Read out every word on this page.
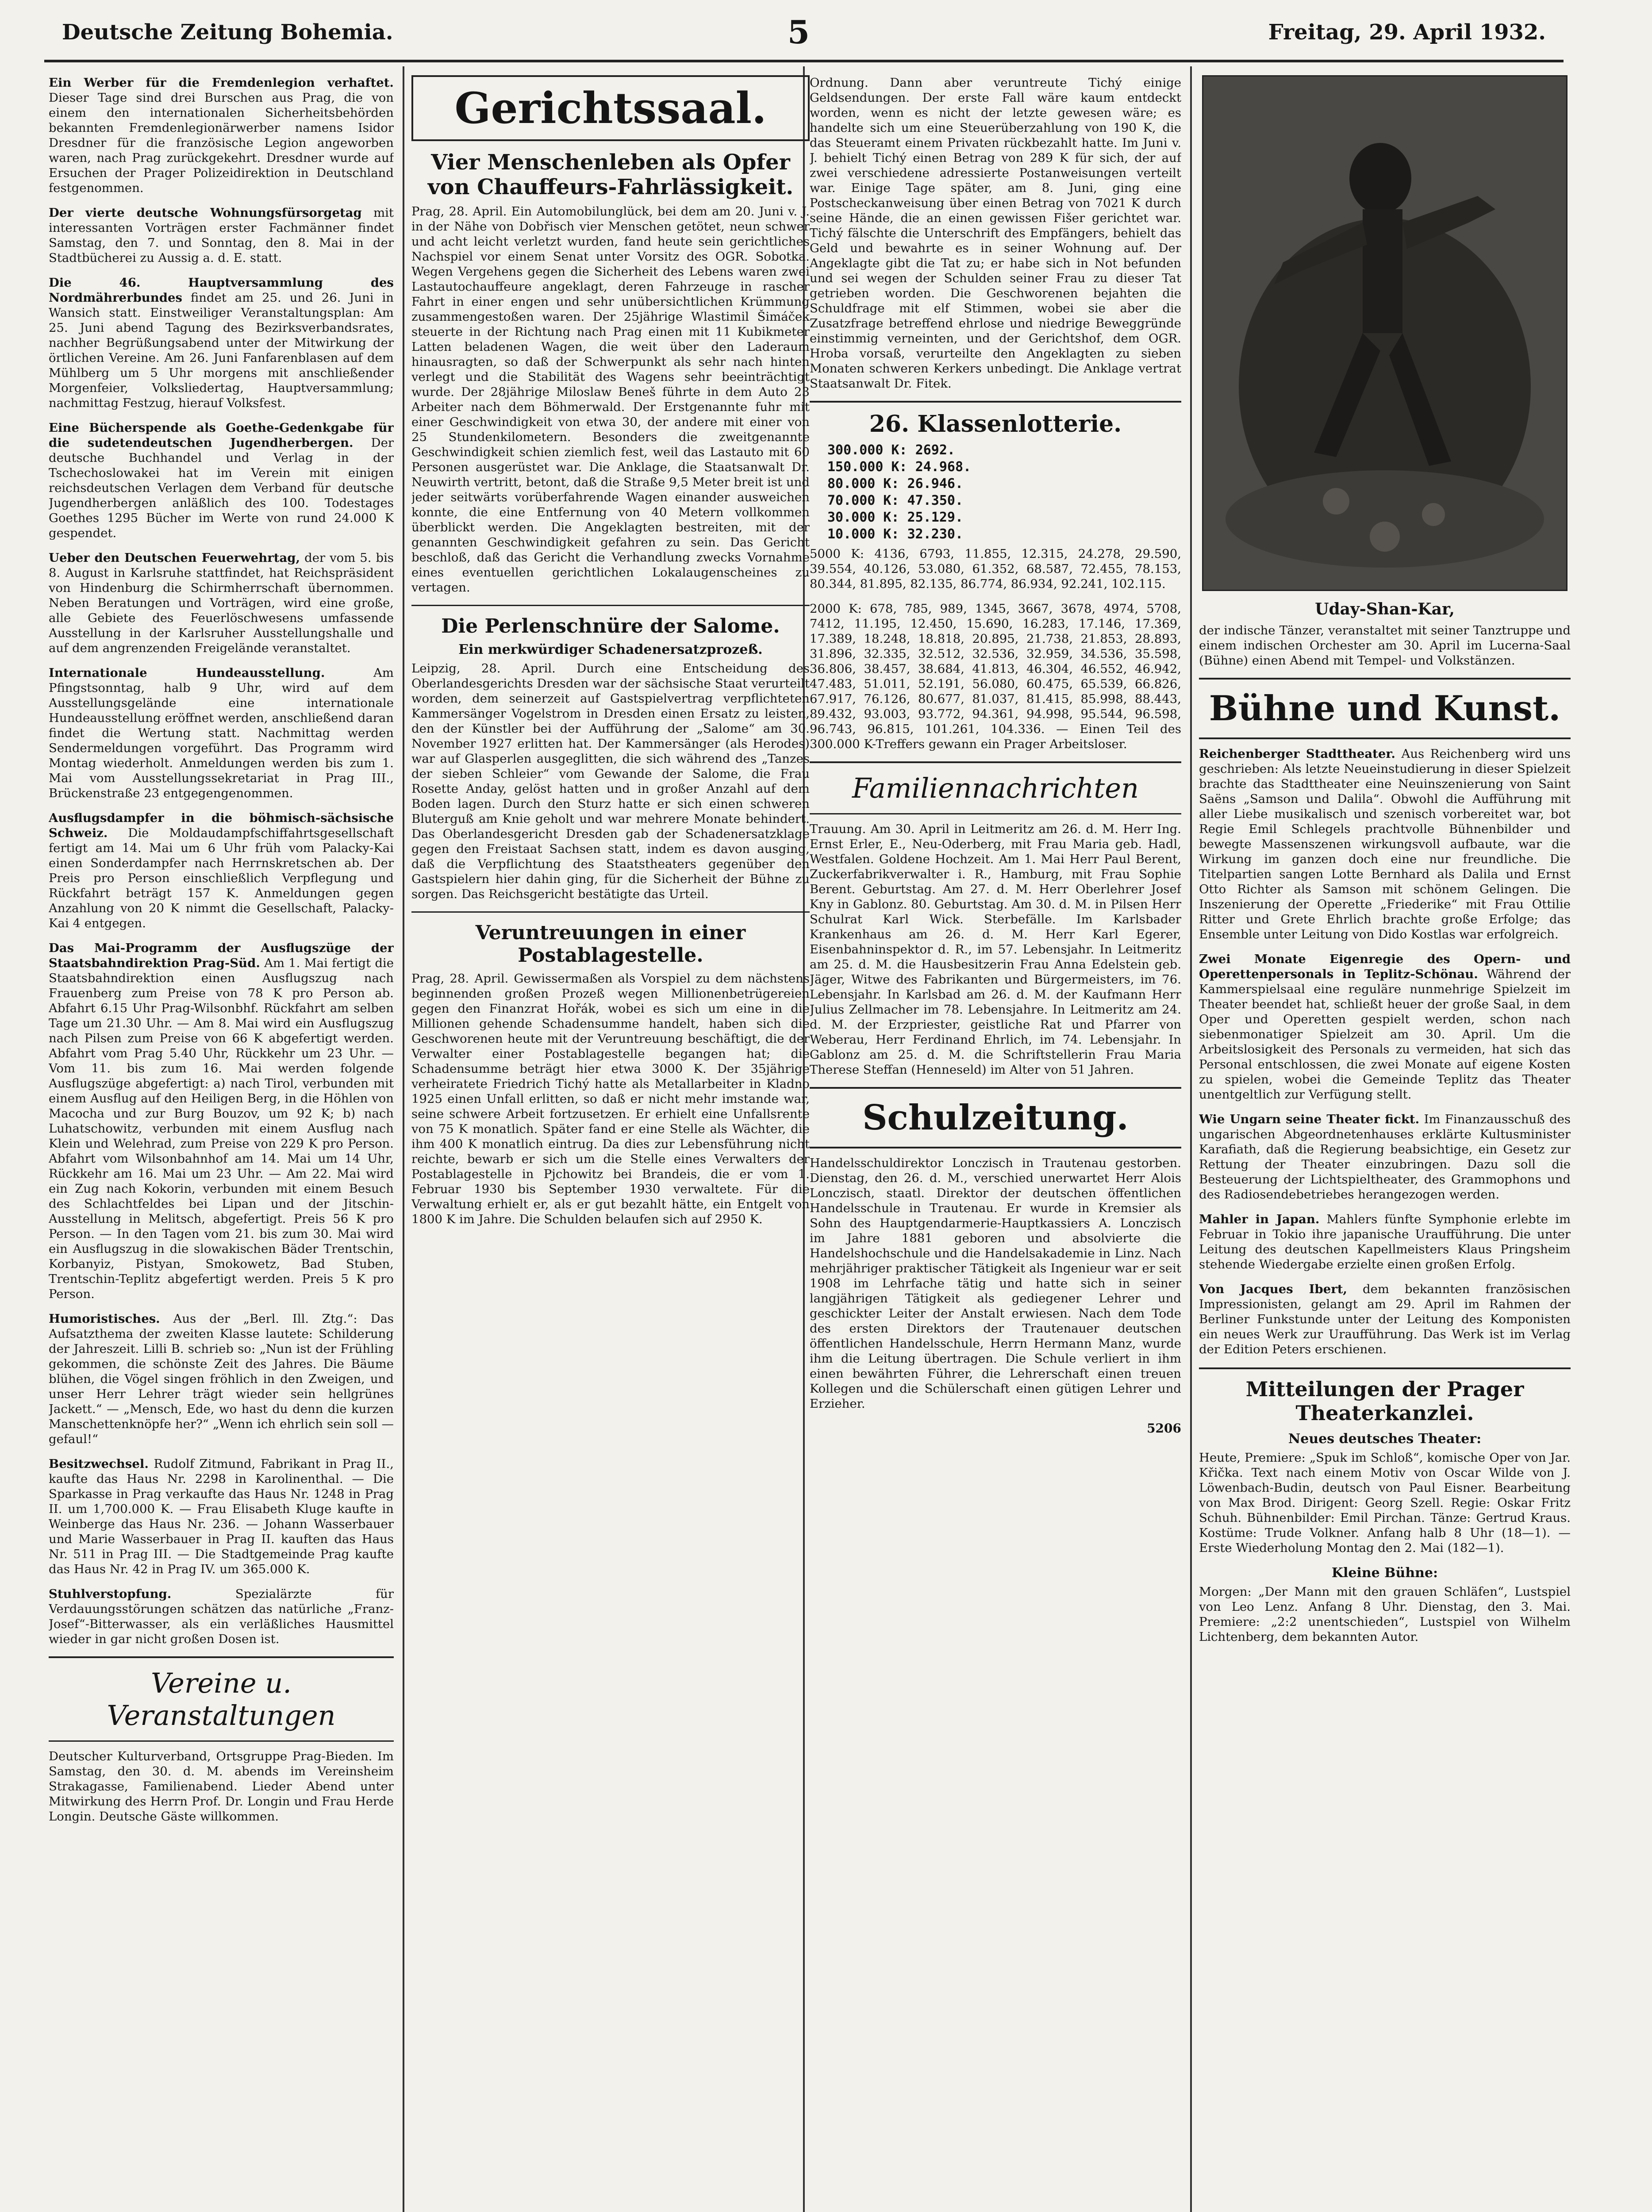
Deutsche Zeitung Bohemia.	5	Freitag, 29. April 1932.

Ein Werber für die Fremdenlegion verhaftet. Dieser Tage sind drei Burschen aus Prag, die von einem den internationalen Sicherheitsbehörden bekannten Fremdenlegionärwerber namens Isidor Dresdner für die französische Legion angeworben waren, nach Prag zurückgekehrt. Dresdner wurde auf Ersuchen der Prager Polizeidirektion in Deutschland festgenommen.

Der vierte deutsche Wohnungsfürsorgetag mit interessanten Vorträgen erster Fachmänner findet Samstag, den 7. und Sonntag, den 8. Mai in der Stadtbücherei zu Aussig a. d. E. statt.

Die 46. Hauptversammlung des Nordmährerbundes findet am 25. und 26. Juni in Wansich statt. Einstweiliger Veranstaltungsplan: Am 25. Juni abend Tagung des Bezirksverbandsrates, nachher Begrüßungsabend unter der Mitwirkung der örtlichen Vereine. Am 26. Juni Fanfarenblasen auf dem Mühlberg um 5 Uhr morgens mit anschließender Morgenfeier, Volksliedertag, Hauptversammlung; nachmittag Festzug, hierauf Volksfest.

Eine Bücherspende als Goethe-Gedenkgabe für die sudetendeutschen Jugendherbergen. Der deutsche Buchhandel und Verlag in der Tschechoslowakei hat im Verein mit einigen reichsdeutschen Verlagen dem Verband für deutsche Jugendherbergen anläßlich des 100. Todestages Goethes 1295 Bücher im Werte von rund 24.000 K gespendet.

Ueber den Deutschen Feuerwehrtag, der vom 5. bis 8. August in Karlsruhe stattfindet, hat Reichspräsident von Hindenburg die Schirmherrschaft übernommen. Neben Beratungen und Vorträgen, wird eine große, alle Gebiete des Feuerlöschwesens umfassende Ausstellung in der Karlsruher Ausstellungshalle und auf dem angrenzenden Freigelände veranstaltet.

Internationale Hundeausstellung.	Am Pfingstsonntag, halb 9 Uhr, wird auf dem Ausstellungsgelände eine internationale Hundeausstellung eröffnet werden, anschließend daran findet die Wertung statt. Nachmittag werden Sendermeldungen vorgeführt. Das Programm wird Montag wiederholt. Anmeldungen werden bis zum 1. Mai vom Ausstellungssekretariat in Prag III., Brückenstraße 23 entgegengenommen.

Ausflugsdampfer in die böhmisch-sächsische Schweiz. Die Moldaudampfschiffahrtsgesellschaft fertigt am 14. Mai um 6 Uhr früh vom Palacky-Kai einen Sonderdampfer nach Herrnskretschen ab. Der Preis pro Person einschließlich Verpflegung und Rückfahrt beträgt 157 K. Anmeldungen gegen Anzahlung von 20 K nimmt die Gesellschaft, Palacky-Kai 4 entgegen.

Das Mai-Programm der Ausflugszüge der Staatsbahndirektion Prag-Süd. Am 1. Mai fertigt die Staatsbahndirektion einen Ausflugszug nach Frauenberg zum Preise von 78 K pro Person ab. Abfahrt 6.15 Uhr Prag-Wilsonbhf. Rückfahrt am selben Tage um 21.30 Uhr. — Am 8. Mai wird ein Ausflugszug nach Pilsen zum Preise von 66 K abgefertigt werden. Abfahrt vom Prag 5.40 Uhr, Rückkehr um 23 Uhr. — Vom 11. bis zum 16. Mai werden folgende Ausflugszüge abgefertigt: a) nach Tirol, verbunden mit einem Ausflug auf den Heiligen Berg, in die Höhlen von Macocha und zur Burg Bouzov, um 92 K; b) nach Luhatschowitz, verbunden mit einem Ausflug nach Klein und Welehrad, zum Preise von 229 K pro Person. Abfahrt vom Wilsonbahnhof am 14. Mai um 14 Uhr, Rückkehr am 16. Mai um 23 Uhr. — Am 22. Mai wird ein Zug nach Kokorin, verbunden mit einem Besuch des Schlachtfeldes bei Lipan und der Jitschin-Ausstellung in Melitsch, abgefertigt. Preis 56 K pro Person. — In den Tagen vom 21. bis zum 30. Mai wird ein Ausflugszug in die slowakischen Bäder Trentschin, Korbanyiz, Pistyan, Smokowetz, Bad Stuben, Trentschin-Teplitz abgefertigt werden. Preis 5 K pro Person.

Humoristisches. Aus der „Berl. Ill. Ztg.“: Das Aufsatzthema der zweiten Klasse lautete: Schilderung der Jahreszeit. Lilli B. schrieb so: „Nun ist der Frühling gekommen, die schönste Zeit des Jahres. Die Bäume blühen, die Vögel singen fröhlich in den Zweigen, und unser Herr Lehrer trägt wieder sein hellgrünes Jackett.“ — „Mensch, Ede, wo hast du denn die kurzen Manschettenknöpfe her?“ „Wenn ich ehrlich sein soll — gefaul!“

Besitzwechsel. Rudolf Zitmund, Fabrikant in Prag II., kaufte das Haus Nr. 2298 in Karolinenthal. — Die Sparkasse in Prag verkaufte das Haus Nr. 1248 in Prag II. um 1,700.000 K. — Frau Elisabeth Kluge kaufte in Weinberge das Haus Nr. 236. — Johann Wasserbauer und Marie Wasserbauer in Prag II. kauften das Haus Nr. 511 in Prag III. — Die Stadtgemeinde Prag kaufte das Haus Nr. 42 in Prag IV. um 365.000 K.

Stuhlverstopfung.	Spezialärzte für Verdauungsstörungen schätzen das natürliche „Franz-Josef“-Bitterwasser, als ein verläßliches Hausmittel wieder in gar nicht großen Dosen ist.

Vereine u. Veranstaltungen

Deutscher Kulturverband, Ortsgruppe Prag-Bieden. Im Samstag, den 30. d. M. abends im Vereinsheim Strakagasse, Familienabend. Lieder Abend unter Mitwirkung des Herrn Prof. Dr. Longin und Frau Herde Longin. Deutsche Gäste willkommen.

Gerichtssaal.
Vier Menschenleben als Opfer von Chauffeurs-Fahrlässigkeit.

Prag, 28. April. Ein Automobilunglück, bei dem am 20. Juni v. J. in der Nähe von Dobřisch vier Menschen getötet, neun schwer und acht leicht verletzt wurden, fand heute sein gerichtliches Nachspiel vor einem Senat unter Vorsitz des OGR. Sobotka. Wegen Vergehens gegen die Sicherheit des Lebens waren zwei Lastautochauffeure angeklagt, deren Fahrzeuge in rascher Fahrt in einer engen und sehr unübersichtlichen Krümmung zusammengestoßen waren. Der 25jährige Wlastimil Šimáček steuerte in der Richtung nach Prag einen mit 11 Kubikmeter Latten beladenen Wagen, die weit über den Laderaum hinausragten, so daß der Schwerpunkt als sehr nach hinten verlegt und die Stabilität des Wagens sehr beeinträchtigt wurde. Der 28jährige Miloslaw Beneš führte in dem Auto 23 Arbeiter nach dem Böhmerwald. Der Erstgenannte fuhr mit einer Geschwindigkeit von etwa 30, der andere mit einer von 25 Stundenkilometern. Besonders die zweitgenannte Geschwindigkeit schien ziemlich fest, weil das Lastauto mit 60 Personen ausgerüstet war. Die Anklage, die Staatsanwalt Dr. Neuwirth vertritt, betont, daß die Straße 9,5 Meter breit ist und jeder seitwärts vorüberfahrende Wagen einander ausweichen konnte, die eine Entfernung von 40 Metern vollkommen überblickt werden. Die Angeklagten bestreiten, mit der genannten Geschwindigkeit gefahren zu sein. Das Gericht beschloß, daß das Gericht die Verhandlung zwecks Vornahme eines eventuellen gerichtlichen Lokalaugenscheines zu vertagen.

Die Perlenschnüre der Salome.
Ein merkwürdiger Schadenersatzprozeß.

Leipzig, 28. April. Durch eine Entscheidung des Oberlandesgerichts Dresden war der sächsische Staat verurteilt worden, dem seinerzeit auf Gastspielvertrag verpflichteten Kammersänger Vogelstrom in Dresden einen Ersatz zu leisten, den der Künstler bei der Aufführung der „Salome“ am 30. November 1927 erlitten hat. Der Kammersänger (als Herodes) war auf Glasperlen ausgeglitten, die sich während des „Tanzes der sieben Schleier“ vom Gewande der Salome, die Frau Rosette Anday, gelöst hatten und in großer Anzahl auf dem Boden lagen. Durch den Sturz hatte er sich einen schweren Bluterguß am Knie geholt und war mehrere Monate behindert. Das Oberlandesgericht Dresden gab der Schadenersatzklage gegen den Freistaat Sachsen statt, indem es davon ausging, daß die Verpflichtung des Staatstheaters gegenüber den Gastspielern hier dahin ging, für die Sicherheit der Bühne zu sorgen. Das Reichsgericht bestätigte das Urteil.

Veruntreuungen in einer Postablagestelle.

Prag, 28. April. Gewissermaßen als Vorspiel zu dem nächstens beginnenden großen Prozeß wegen Millionenbetrügereien gegen den Finanzrat Hořák, wobei es sich um eine in die Millionen gehende Schadensumme handelt, haben sich die Geschworenen heute mit der Veruntreuung beschäftigt, die der Verwalter einer Postablagestelle begangen hat; die Schadensumme beträgt hier etwa 3000 K. Der 35jährige verheiratete Friedrich Tichý hatte als Metallarbeiter in Kladno 1925 einen Unfall erlitten, so daß er nicht mehr imstande war, seine schwere Arbeit fortzusetzen. Er erhielt eine Unfallsrente von 75 K monatlich. Später fand er eine Stelle als Wächter, die ihm 400 K monatlich eintrug. Da dies zur Lebensführung nicht reichte, bewarb er sich um die Stelle eines Verwalters der Postablagestelle in Pjchowitz bei Brandeis, die er vom 1. Februar 1930 bis September 1930 verwaltete. Für die Verwaltung erhielt er, als er gut bezahlt hätte, ein Entgelt von 1800 K im Jahre. Die Schulden belaufen sich auf 2950 K.

Ordnung. Dann aber veruntreute Tichý einige Geldsendungen. Der erste Fall wäre kaum entdeckt worden, wenn es nicht der letzte gewesen wäre; es handelte sich um eine Steuerüberzahlung von 190 K, die das Steueramt einem Privaten rückbezahlt hatte. Im Juni v. J. behielt Tichý einen Betrag von 289 K für sich, der auf zwei verschiedene adressierte Postanweisungen verteilt war. Einige Tage später, am 8. Juni, ging eine Postscheckanweisung über einen Betrag von 7021 K durch seine Hände, die an einen gewissen Fišer gerichtet war. Tichý fälschte die Unterschrift des Empfängers, behielt das Geld und bewahrte es in seiner Wohnung auf. Der Angeklagte gibt die Tat zu; er habe sich in Not befunden und sei wegen der Schulden seiner Frau zu dieser Tat getrieben worden. Die Geschworenen bejahten die Schuldfrage mit elf Stimmen, wobei sie aber die Zusatzfrage betreffend ehrlose und niedrige Beweggründe einstimmig verneinten, und der Gerichtshof, dem OGR. Hroba vorsaß, verurteilte den Angeklagten zu sieben Monaten schweren Kerkers unbedingt. Die Anklage vertrat Staatsanwalt Dr. Fitek.

26. Klassenlotterie.
300.000 K: 2692.
150.000 K: 24.968.
80.000 K: 26.946.
70.000 K: 47.350.
30.000 K: 25.129.
10.000 K: 32.230.

5000 K: 4136, 6793, 11.855, 12.315, 24.278, 29.590, 39.554, 40.126, 53.080, 61.352, 68.587, 72.455, 78.153, 80.344, 81.895, 82.135, 86.774, 86.934, 92.241, 102.115.

2000 K: 678, 785, 989, 1345, 3667, 3678, 4974, 5708, 7412, 11.195, 12.450, 15.690, 16.283, 17.146, 17.369, 17.389, 18.248, 18.818, 20.895, 21.738, 21.853, 28.893, 31.896, 32.335, 32.512, 32.536, 32.959, 34.536, 35.598, 36.806, 38.457, 38.684, 41.813, 46.304, 46.552, 46.942, 47.483, 51.011, 52.191, 56.080, 60.475, 65.539, 66.826, 67.917, 76.126, 80.677, 81.037, 81.415, 85.998, 88.443, 89.432, 93.003, 93.772, 94.361, 94.998, 95.544, 96.598, 96.743, 96.815, 101.261, 104.336. — Einen Teil des 300.000 K-Treffers gewann ein Prager Arbeitsloser.

Familiennachrichten

Trauung. Am 30. April in Leitmeritz am 26. d. M. Herr Ing. Ernst Erler, E., Neu-Oderberg, mit Frau Maria geb. Hadl, Westfalen. Goldene Hochzeit. Am 1. Mai Herr Paul Berent, Zuckerfabrikverwalter i. R., Hamburg, mit Frau Sophie Berent. Geburtstag. Am 27. d. M. Herr Oberlehrer Josef Kny in Gablonz. 80. Geburtstag. Am 30. d. M. in Pilsen Herr Schulrat Karl Wick. Sterbefälle. Im Karlsbader Krankenhaus am 26. d. M. Herr Karl Egerer, Eisenbahninspektor d. R., im 57. Lebensjahr. In Leitmeritz am 25. d. M. die Hausbesitzerin Frau Anna Edelstein geb. Jäger, Witwe des Fabrikanten und Bürgermeisters, im 76. Lebensjahr. In Karlsbad am 26. d. M. der Kaufmann Herr Julius Zellmacher im 78. Lebensjahre. In Leitmeritz am 24. d. M. der Erzpriester, geistliche Rat und Pfarrer von Weberau, Herr Ferdinand Ehrlich, im 74. Lebensjahr. In Gablonz am 25. d. M. die Schriftstellerin Frau Maria Therese Steffan (Henneseld) im Alter von 51 Jahren.

Schulzeitung.

Handelsschuldirektor Lonczisch in Trautenau gestorben. Dienstag, den 26. d. M., verschied unerwartet Herr Alois Lonczisch, staatl. Direktor der deutschen öffentlichen Handelsschule in Trautenau. Er wurde in Kremsier als Sohn des Hauptgendarmerie-Hauptkassiers A. Lonczisch im Jahre 1881 geboren und absolvierte die Handelshochschule und die Handelsakademie in Linz. Nach mehrjähriger praktischer Tätigkeit als Ingenieur war er seit 1908 im Lehrfache tätig und hatte sich in seiner langjährigen Tätigkeit als gediegener Lehrer und geschickter Leiter der Anstalt erwiesen. Nach dem Tode des ersten Direktors der Trautenauer deutschen öffentlichen Handelsschule, Herrn Hermann Manz, wurde ihm die Leitung übertragen. Die Schule verliert in ihm einen bewährten Führer, die Lehrerschaft einen treuen Kollegen und die Schülerschaft einen gütigen Lehrer und Erzieher.

5206
Uday-Shan-Kar,

der indische Tänzer, veranstaltet mit seiner Tanztruppe und einem indischen Orchester am 30. April im Lucerna-Saal (Bühne) einen Abend mit Tempel- und Volkstänzen.

Bühne und Kunst.

Reichenberger Stadttheater. Aus Reichenberg wird uns geschrieben: Als letzte Neueinstudierung in dieser Spielzeit brachte das Stadttheater eine Neuinszenierung von Saint Saëns „Samson und Dalila“. Obwohl die Aufführung mit aller Liebe musikalisch und szenisch vorbereitet war, bot Regie Emil Schlegels prachtvolle Bühnenbilder und bewegte Massenszenen wirkungsvoll aufbaute, war die Wirkung im ganzen doch eine nur freundliche. Die Titelpartien sangen Lotte Bernhard als Dalila und Ernst Otto Richter als Samson mit schönem Gelingen. Die Inszenierung der Operette „Friederike“ mit Frau Ottilie Ritter und Grete Ehrlich brachte große Erfolge; das Ensemble unter Leitung von Dido Kostlas war erfolgreich.

Zwei Monate Eigenregie des Opern- und Operettenpersonals in Teplitz-Schönau. Während der Kammerspielsaal eine reguläre nunmehrige Spielzeit im Theater beendet hat, schließt heuer der große Saal, in dem Oper und Operetten gespielt werden, schon nach siebenmonatiger Spielzeit am 30. April. Um die Arbeitslosigkeit des Personals zu vermeiden, hat sich das Personal entschlossen, die zwei Monate auf eigene Kosten zu spielen, wobei die Gemeinde Teplitz das Theater unentgeltlich zur Verfügung stellt.

Wie Ungarn seine Theater fickt. Im Finanzausschuß des ungarischen Abgeordnetenhauses erklärte Kultusminister Karafiath, daß die Regierung beabsichtige, ein Gesetz zur Rettung der Theater einzubringen. Dazu soll die Besteuerung der Lichtspieltheater, des Grammophons und des Radiosendebetriebes herangezogen werden.

Mahler in Japan. Mahlers fünfte Symphonie erlebte im Februar in Tokio ihre japanische Uraufführung. Die unter Leitung des deutschen Kapellmeisters Klaus Pringsheim stehende Wiedergabe erzielte einen großen Erfolg.

Von Jacques Ibert, dem bekannten französischen Impressionisten, gelangt am 29. April im Rahmen der Berliner Funkstunde unter der Leitung des Komponisten ein neues Werk zur Uraufführung. Das Werk ist im Verlag der Edition Peters erschienen.

Mitteilungen der Prager Theaterkanzlei.
Neues deutsches Theater:

Heute, Premiere: „Spuk im Schloß“, komische Oper von Jar. Křička. Text nach einem Motiv von Oscar Wilde von J. Löwenbach-Budin, deutsch von Paul Eisner. Bearbeitung von Max Brod. Dirigent: Georg Szell. Regie: Oskar Fritz Schuh. Bühnenbilder: Emil Pirchan. Tänze: Gertrud Kraus. Kostüme: Trude Volkner. Anfang halb 8 Uhr (18—1). — Erste Wiederholung Montag den 2. Mai (182—1).

Kleine Bühne:

Morgen: „Der Mann mit den grauen Schläfen“, Lustspiel von Leo Lenz. Anfang 8 Uhr. Dienstag, den 3. Mai. Premiere: „2:2 unentschieden“, Lustspiel von Wilhelm Lichtenberg, dem bekannten Autor.
